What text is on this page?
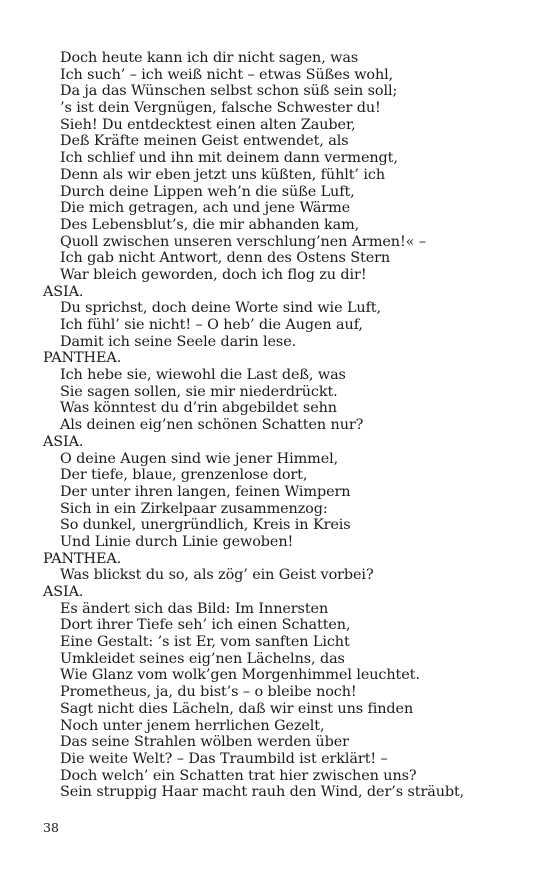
Doch heute kann ich dir nicht sagen, was
Ich such’ – ich weiß nicht – etwas Süßes wohl,
Da ja das Wünschen selbst schon süß sein soll;
’s ist dein Vergnügen, falsche Schwester du!
Sieh! Du entdecktest einen alten Zauber,
Deß Kräfte meinen Geist entwendet, als
Ich schlief und ihn mit deinem dann vermengt,
Denn als wir eben jetzt uns küßten, fühlt’ ich
Durch deine Lippen weh’n die süße Luft,
Die mich getragen, ach und jene Wärme
Des Lebensblut’s, die mir abhanden kam,
Quoll zwischen unseren verschlung’nen Armen!« –
Ich gab nicht Antwort, denn des Ostens Stern
War bleich geworden, doch ich flog zu dir!
ASIA.
Du sprichst, doch deine Worte sind wie Luft,
Ich fühl’ sie nicht! – O heb’ die Augen auf,
Damit ich seine Seele darin lese.
PANTHEA.
Ich hebe sie, wiewohl die Last deß, was
Sie sagen sollen, sie mir niederdrückt.
Was könntest du d’rin abgebildet sehn
Als deinen eig’nen schönen Schatten nur?
ASIA.
O deine Augen sind wie jener Himmel,
Der tiefe, blaue, grenzenlose dort,
Der unter ihren langen, feinen Wimpern
Sich in ein Zirkelpaar zusammenzog:
So dunkel, unergründlich, Kreis in Kreis
Und Linie durch Linie gewoben!
PANTHEA.
Was blickst du so, als zög’ ein Geist vorbei?
ASIA.
Es ändert sich das Bild: Im Innersten
Dort ihrer Tiefe seh’ ich einen Schatten,
Eine Gestalt: ’s ist Er, vom sanften Licht
Umkleidet seines eig’nen Lächelns, das
Wie Glanz vom wolk’gen Morgenhimmel leuchtet.
Prometheus, ja, du bist’s – o bleibe noch!
Sagt nicht dies Lächeln, daß wir einst uns finden
Noch unter jenem herrlichen Gezelt,
Das seine Strahlen wölben werden über
Die weite Welt? – Das Traumbild ist erklärt! –
Doch welch’ ein Schatten trat hier zwischen uns?
Sein struppig Haar macht rauh den Wind, der’s sträubt,
38
